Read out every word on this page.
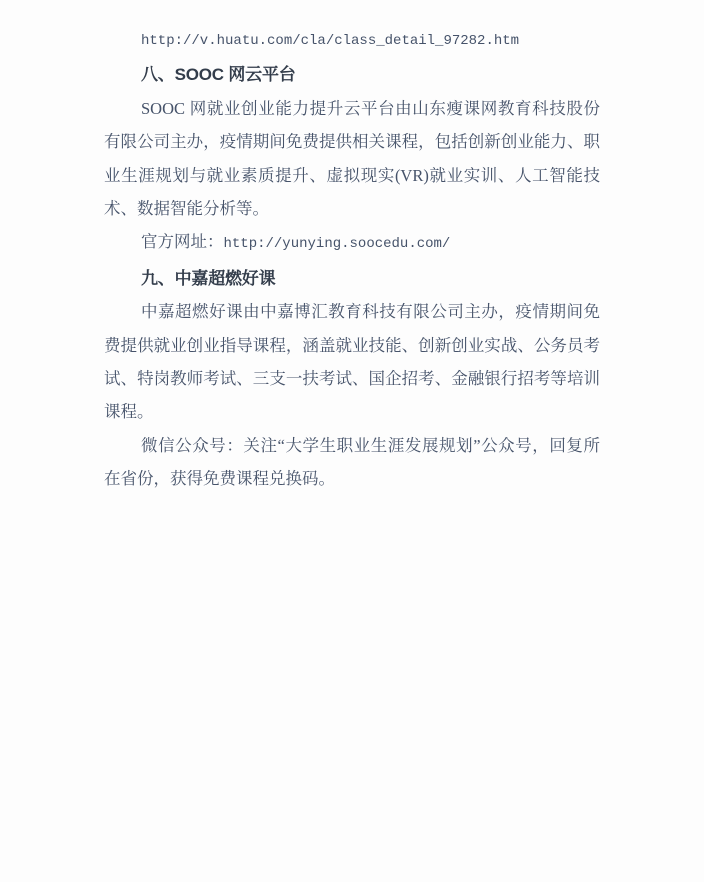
http://v.huatu.com/cla/class_detail_97282.htm

八、SOOC 网云平台

SOOC 网就业创业能力提升云平台由山东瘦课网教育科技股份有限公司主办，疫情期间免费提供相关课程，包括创新创业能力、职业生涯规划与就业素质提升、虚拟现实(VR)就业实训、人工智能技术、数据智能分析等。

官方网址：http://yunying.soocedu.com/

九、中嘉超燃好课

中嘉超燃好课由中嘉博汇教育科技有限公司主办，疫情期间免费提供就业创业指导课程，涵盖就业技能、创新创业实战、公务员考试、特岗教师考试、三支一扶考试、国企招考、金融银行招考等培训课程。

微信公众号：关注“大学生职业生涯发展规划”公众号，回复所在省份，获得免费课程兑换码。
